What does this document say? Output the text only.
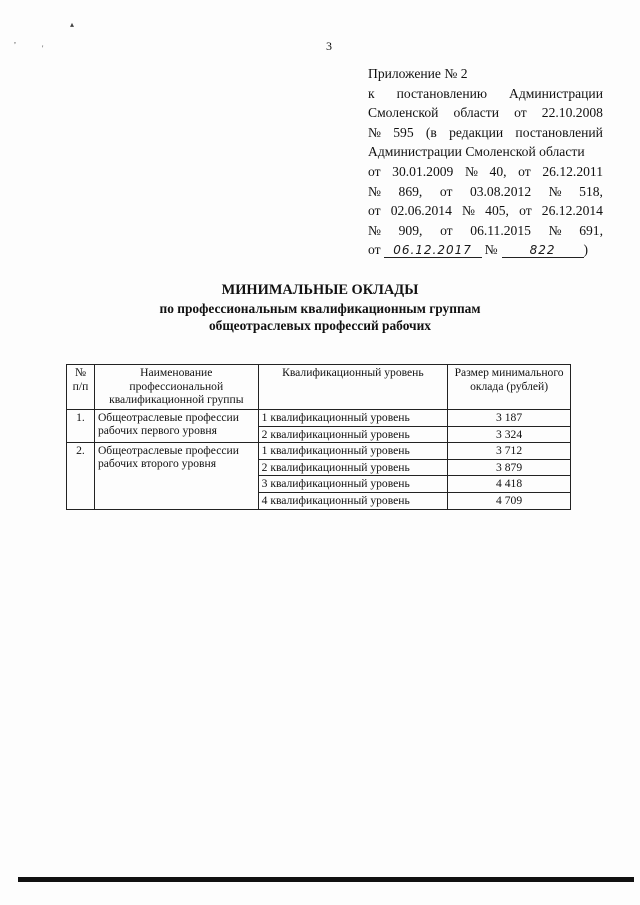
▴
,
'	3
Приложение № 2
к постановлению Администрации
Смоленской области от 22.10.2008
№ 595 (в редакции постановлений
Администрации Смоленской области
от 30.01.2009 № 40, от 26.12.2011
№ 869, от 03.08.2012 № 518,
от 02.06.2014 № 405, от 26.12.2014
№ 909, от 06.11.2015 № 691,
от	06.12.2017 №	822	)
МИНИМАЛЬНЫЕ ОКЛАДЫ
по профессиональным квалификационным группам
общеотраслевых профессий рабочих
№ п/п	Наименование профессиональной квалификационной группы	Квалификационный уровень	Размер минимального оклада (рублей)
1.	Общеотраслевые профессии рабочих первого уровня	1 квалификационный уровень	3 187
		2 квалификационный уровень	3 324
2.	Общеотраслевые профессии рабочих второго уровня	1 квалификационный уровень	3 712
		2 квалификационный уровень	3 879
		3 квалификационный уровень	4 418
		4 квалификационный уровень	4 709
